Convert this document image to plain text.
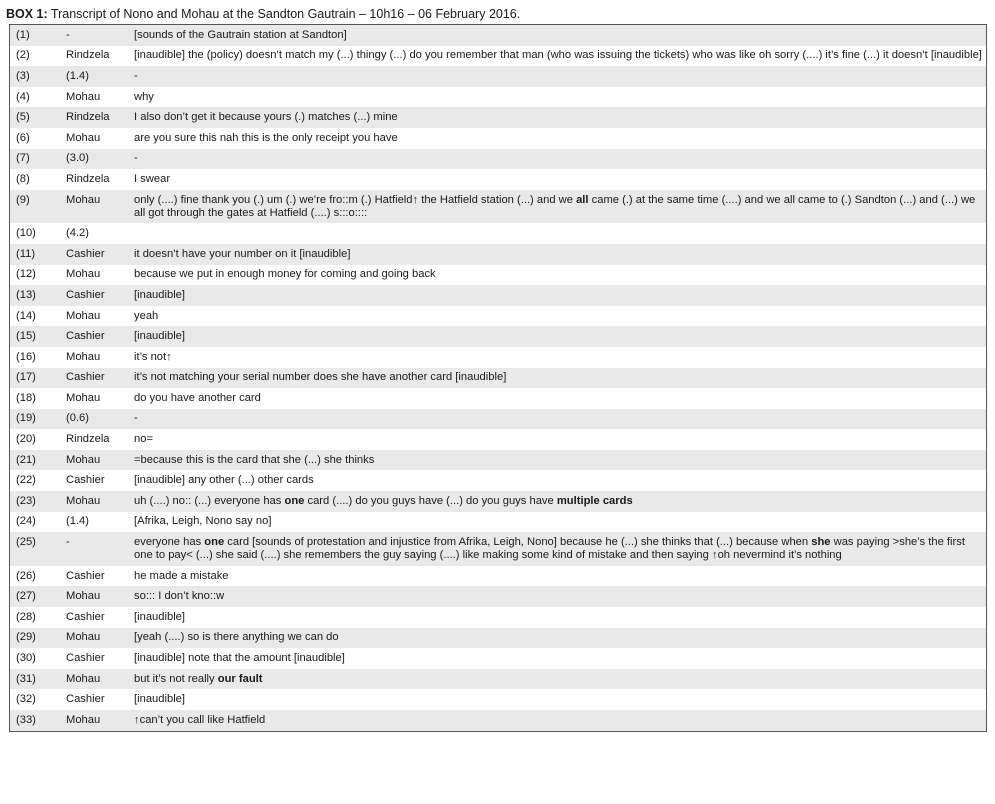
BOX 1: Transcript of Nono and Mohau at the Sandton Gautrain – 10h16 – 06 February 2016.
(1)	-	[sounds of the Gautrain station at Sandton]
(2)	Rindzela	[inaudible] the (policy) doesn’t match my (...) thingy (...) do you remember that man (who was issuing the tickets) who was like oh sorry (....) it’s fine (...) it doesn’t [inaudible]
(3)	(1.4)	-
(4)	Mohau	why
(5)	Rindzela	I also don’t get it because yours (.) matches (...) mine
(6)	Mohau	are you sure this nah this is the only receipt you have
(7)	(3.0)	-
(8)	Rindzela	I swear
(9)	Mohau	only (....) fine thank you (.) um (.) we’re fro::m (.) Hatfield↑ the Hatfield station (...) and we all came (.) at the same time (....) and we all came to (.) Sandton (...) and (...) we all got through the gates at Hatfield (....) s:::o::::
(10)	(4.2)	
(11)	Cashier	it doesn’t have your number on it [inaudible]
(12)	Mohau	because we put in enough money for coming and going back
(13)	Cashier	[inaudible]
(14)	Mohau	yeah
(15)	Cashier	[inaudible]
(16)	Mohau	it’s not↑
(17)	Cashier	it’s not matching your serial number does she have another card [inaudible]
(18)	Mohau	do you have another card
(19)	(0.6)	-
(20)	Rindzela	no=
(21)	Mohau	=because this is the card that she (...) she thinks
(22)	Cashier	[inaudible] any other (...) other cards
(23)	Mohau	uh (....) no:: (...) everyone has one card (....) do you guys have (...) do you guys have multiple cards
(24)	(1.4)	[Afrika, Leigh, Nono say no]
(25)	-	everyone has one card [sounds of protestation and injustice from Afrika, Leigh, Nono] because he (...) she thinks that (...) because when she was paying >she’s the first one to pay< (...) she said (....) she remembers the guy saying (....) like making some kind of mistake and then saying ↑oh nevermind it’s nothing
(26)	Cashier	he made a mistake
(27)	Mohau	so::: I don’t kno::w
(28)	Cashier	[inaudible]
(29)	Mohau	[yeah (....) so is there anything we can do
(30)	Cashier	[inaudible] note that the amount [inaudible]
(31)	Mohau	but it’s not really our fault
(32)	Cashier	[inaudible]
(33)	Mohau	↑can’t you call like Hatfield
